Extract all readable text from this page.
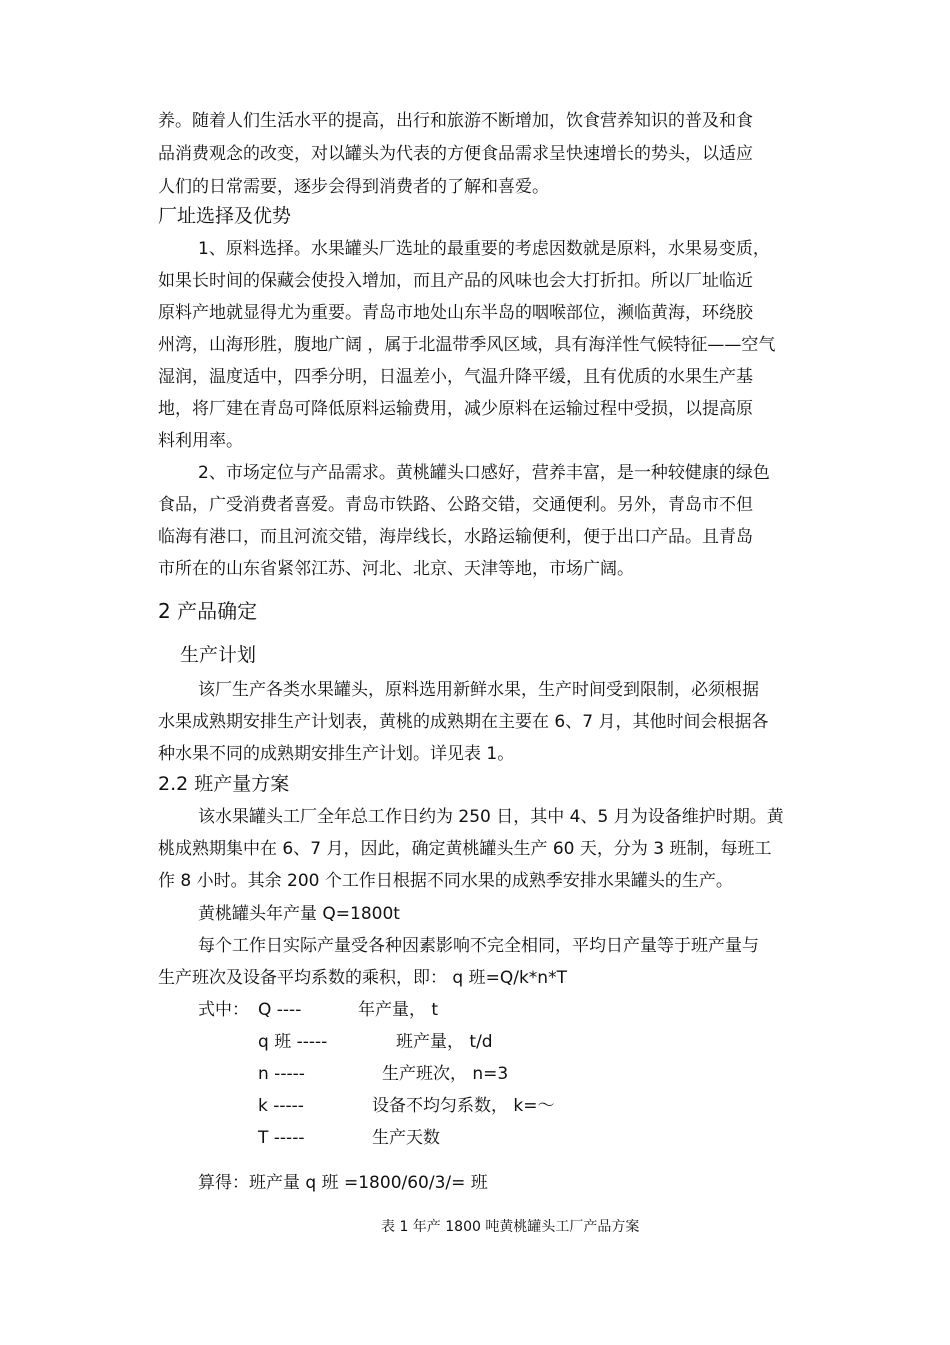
养。随着人们生活水平的提高，出行和旅游不断增加，饮食营养知识的普及和食
品消费观念的改变，对以罐头为代表的方便食品需求呈快速增长的势头，以适应
人们的日常需要，逐步会得到消费者的了解和喜爱。
厂址选择及优势
1、原料选择。水果罐头厂选址的最重要的考虑因数就是原料，水果易变质，
如果长时间的保藏会使投入增加，而且产品的风味也会大打折扣。所以厂址临近
原料产地就显得尤为重要。青岛市地处山东半岛的咽喉部位，濒临黄海，环绕胶
州湾，山海形胜，腹地广阔 ，属于北温带季风区域，具有海洋性气候特征——空气
湿润，温度适中，四季分明，日温差小，气温升降平缓，且有优质的水果生产基
地，将厂建在青岛可降低原料运输费用，减少原料在运输过程中受损，以提高原
料利用率。
2、市场定位与产品需求。黄桃罐头口感好，营养丰富，是一种较健康的绿色
食品，广受消费者喜爱。青岛市铁路、公路交错，交通便利。另外，青岛市不但
临海有港口，而且河流交错，海岸线长，水路运输便利，便于出口产品。且青岛
市所在的山东省紧邻江苏、河北、北京、天津等地，市场广阔。
2 产品确定
生产计划
该厂生产各类水果罐头，原料选用新鲜水果，生产时间受到限制，必须根据
水果成熟期安排生产计划表，黄桃的成熟期在主要在 6、7 月，其他时间会根据各
种水果不同的成熟期安排生产计划。详见表 1。
2.2 班产量方案
该水果罐头工厂全年总工作日约为 250 日，其中 4、5 月为设备维护时期。黄
桃成熟期集中在 6、7 月，因此，确定黄桃罐头生产 60 天，分为 3 班制，每班工
作 8 小时。其余 200 个工作日根据不同水果的成熟季安排水果罐头的生产。
黄桃罐头年产量 Q=1800t
每个工作日实际产量受各种因素影响不完全相同，平均日产量等于班产量与
生产班次及设备平均系数的乘积，即： q 班=Q/k*n*T
式中： Q ----	年产量， t
q 班 -----	班产量， t/d
n -----	生产班次， n=3
k -----	设备不均匀系数， k=～
T -----	生产天数
算得：班产量 q 班 =1800/60/3/= 班
表 1 年产 1800 吨黄桃罐头工厂产品方案
